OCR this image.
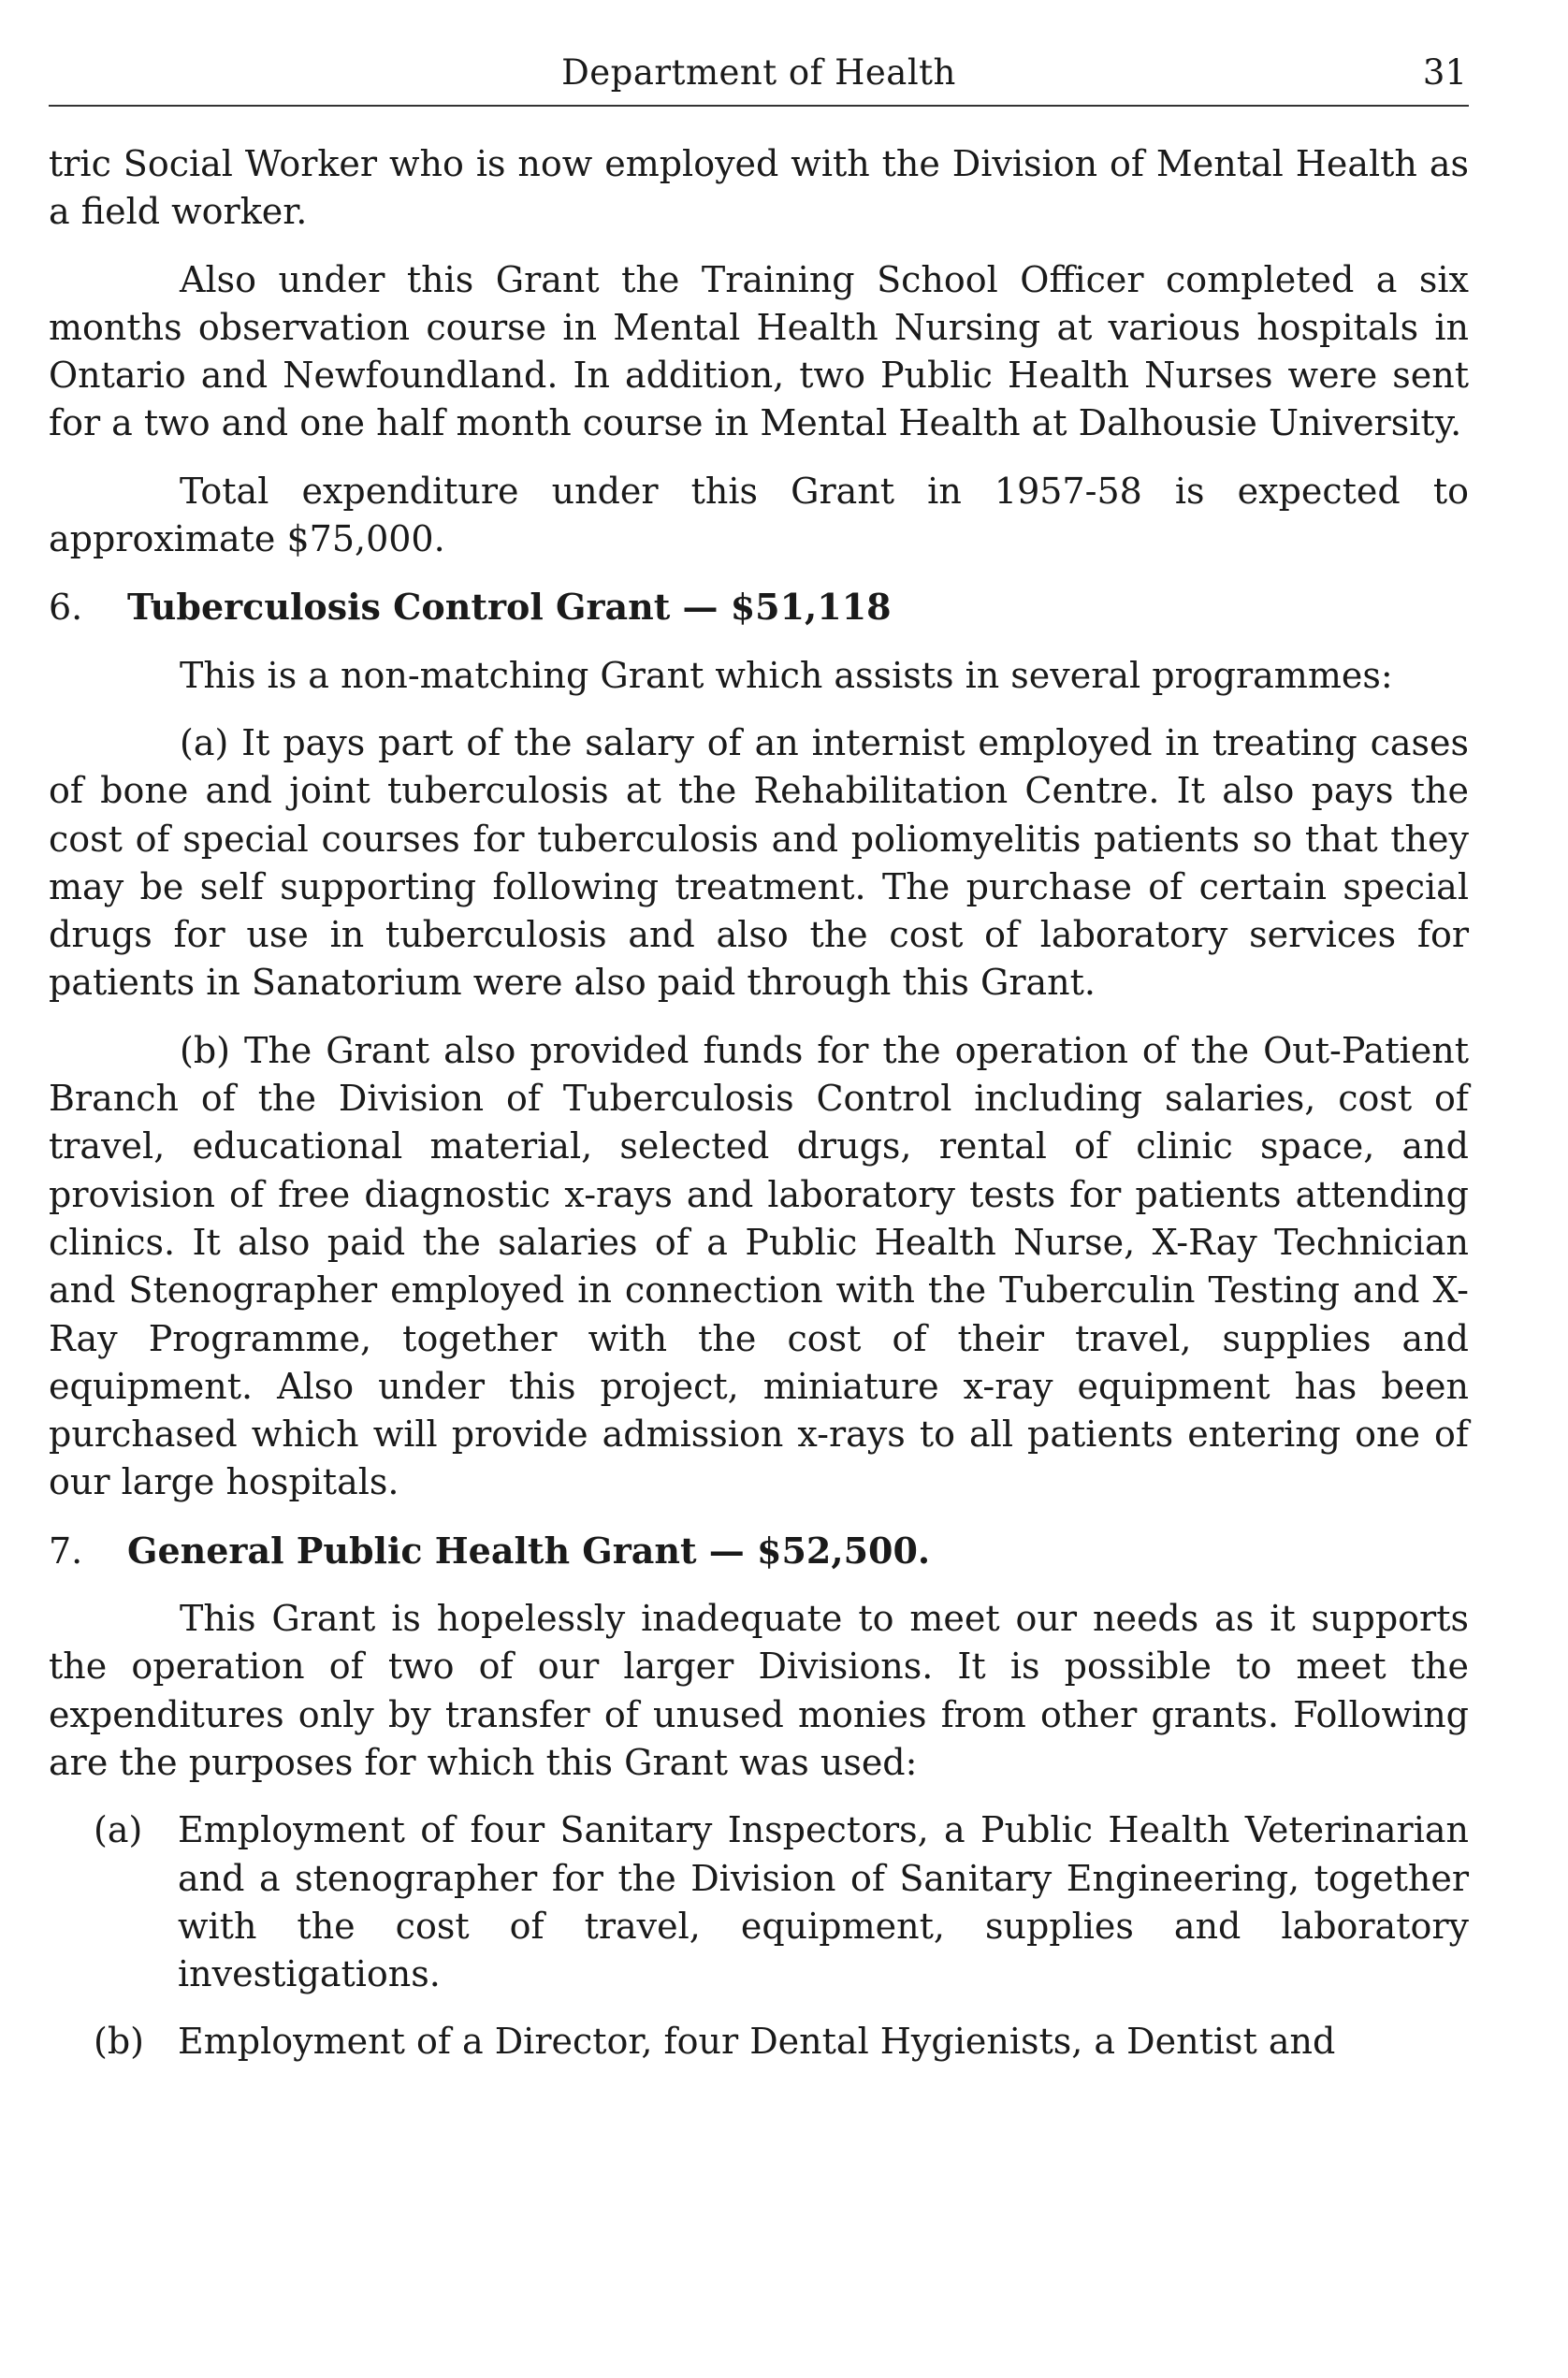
Department of Health	31

tric Social Worker who is now employed with the Division of Mental Health as a field worker.

Also under this Grant the Training School Officer completed a six months observation course in Mental Health Nursing at various hospitals in Ontario and Newfoundland. In addition, two Public Health Nurses were sent for a two and one half month course in Mental Health at Dalhousie University.

Total expenditure under this Grant in 1957-58 is expected to approximate $75,000.

6. Tuberculosis Control Grant — $51,118

This is a non-matching Grant which assists in several programmes:

(a) It pays part of the salary of an internist employed in treating cases of bone and joint tuberculosis at the Rehabilitation Centre. It also pays the cost of special courses for tuberculosis and poliomyelitis patients so that they may be self supporting following treatment. The purchase of certain special drugs for use in tuberculosis and also the cost of laboratory services for patients in Sanatorium were also paid through this Grant.

(b) The Grant also provided funds for the operation of the Out-Patient Branch of the Division of Tuberculosis Control including salaries, cost of travel, educational material, selected drugs, rental of clinic space, and provision of free diagnostic x-rays and laboratory tests for patients attending clinics. It also paid the salaries of a Public Health Nurse, X-Ray Technician and Stenographer employed in connection with the Tuberculin Testing and X-Ray Programme, together with the cost of their travel, supplies and equipment. Also under this project, miniature x-ray equipment has been purchased which will provide admission x-rays to all patients entering one of our large hospitals.

7. General Public Health Grant — $52,500.

This Grant is hopelessly inadequate to meet our needs as it supports the operation of two of our larger Divisions. It is possible to meet the expenditures only by transfer of unused monies from other grants. Following are the purposes for which this Grant was used:

(a) Employment of four Sanitary Inspectors, a Public Health Veterinarian and a stenographer for the Division of Sanitary Engineering, together with the cost of travel, equipment, supplies and laboratory investigations.

(b) Employment of a Director, four Dental Hygienists, a Dentist and
